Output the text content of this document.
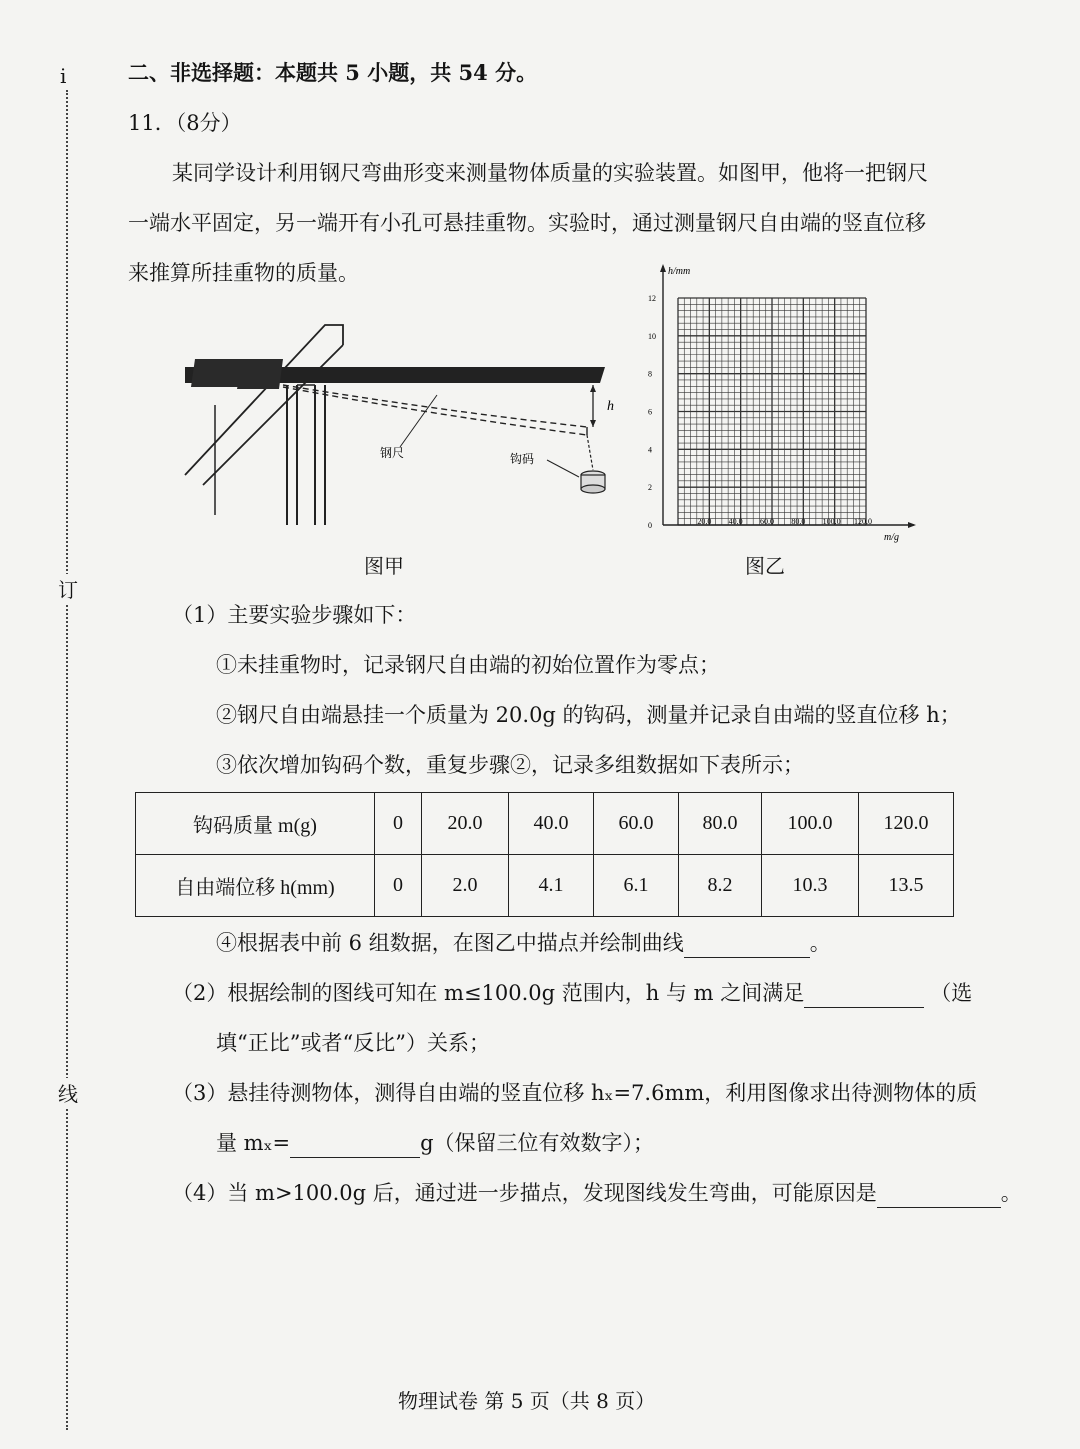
i
订
线
二、非选择题：本题共 5 小题，共 54 分。
11．（8分）
某同学设计利用钢尺弯曲形变来测量物体质量的实验装置。如图甲，他将一把钢尺
一端水平固定，另一端开有小孔可悬挂重物。实验时，通过测量钢尺自由端的竖直位移
来推算所挂重物的质量。
h
钢尺	钩码
图甲
h/mm
m/g
0
2
4
6
8
10
12
20.0 40.0 60.0 80.0 100.0 120.0
图乙
（1）主要实验步骤如下：
①未挂重物时，记录钢尺自由端的初始位置作为零点；
②钢尺自由端悬挂一个质量为 20.0g 的钩码，测量并记录自由端的竖直位移 h；
③依次增加钩码个数，重复步骤②，记录多组数据如下表所示；
钩码质量 m(g)	0	20.0	40.0	60.0	80.0	100.0	120.0
自由端位移 h(mm)	0	2.0	4.1	6.1	8.2	10.3	13.5
④根据表中前 6 组数据，在图乙中描点并绘制曲线	。
（2）根据绘制的图线可知在 m≤100.0g 范围内，h 与 m 之间满足	（选
填“正比”或者“反比”）关系；
（3）悬挂待测物体，测得自由端的竖直位移 hₓ=7.6mm，利用图像求出待测物体的质
量 mₓ=	g（保留三位有效数字）；
（4）当 m>100.0g 后，通过进一步描点，发现图线发生弯曲，可能原因是	。
物理试卷 第 5 页（共 8 页）
